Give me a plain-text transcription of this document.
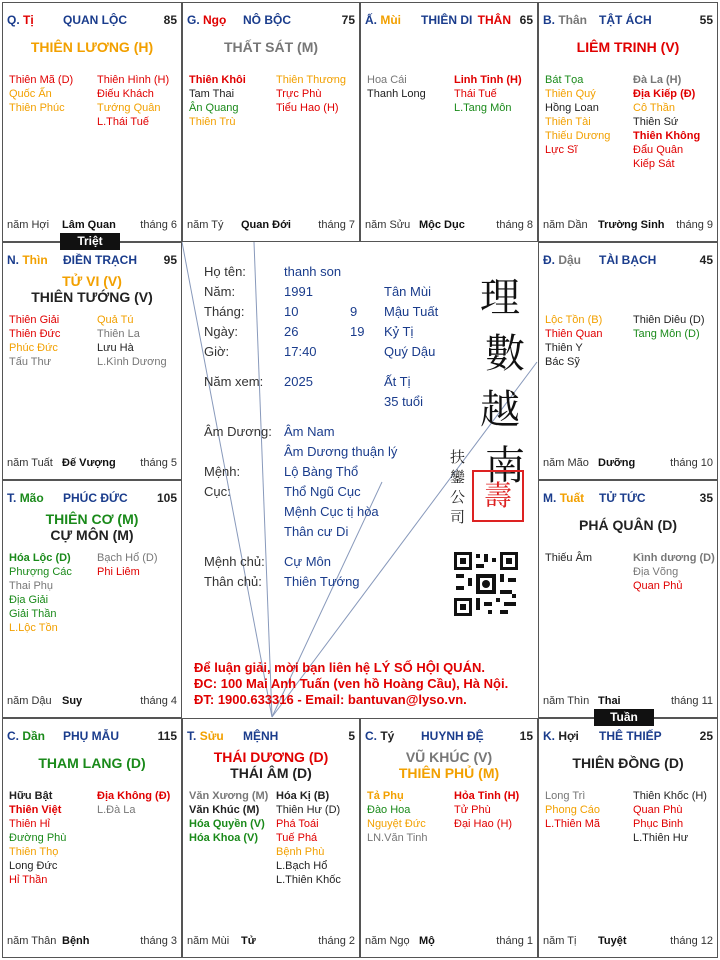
Q. Tị QUAN LỘC	85
THIÊN LƯƠNG (H)
Thiên Mã (D)
Quốc Ấn
Thiên Phúc
Thiên Hình (H)
Điếu Khách
Tướng Quân
L.Thái Tuế
năm Hợi Lâm Quan tháng 6
G. Ngọ NÔ BỘC	75
THẤT SÁT (M)
Thiên Khôi
Tam Thai
Ân Quang
Thiên Trù
Thiên Thương
Trực Phù
Tiểu Hao (H)
năm Tý Quan Đới tháng 7
Ấ. Mùi THIÊN DI THÂN 65
Hoa Cái
Thanh Long
Linh Tinh (H)
Thái Tuế
L.Tang Môn
năm Sửu Mộc Dục	tháng 8
B. Thân TẬT ÁCH	55
LIÊM TRINH (V)
Bát Tọa
Thiên Quý
Hồng Loan
Thiên Tài
Thiếu Dương
Lực Sĩ
Đà La (H)
Địa Kiếp (Đ)
Cô Thần
Thiên Sứ
Thiên Không
Đẩu Quân
Kiếp Sát
năm Dần Trường Sinh tháng 9
N. Thìn ĐIỀN TRẠCH 95
TỬ VI (V)
THIÊN TƯỚNG (V)
Thiên Giải
Thiên Đức
Phúc Đức
Tấu Thư
Quả Tú
Thiên La
Lưu Hà
L.Kình Dương
năm Tuất Đế Vượng tháng 5
Đ. Dậu TÀI BẠCH	45
Lộc Tồn (B)
Thiên Quan
Thiên Y
Bác Sỹ
Thiên Diêu (D)
Tang Môn (D)
năm Mão Dưỡng	tháng 10
T. Mão PHÚC ĐỨC 105
THIÊN CƠ (M)
CỰ MÔN (M)
Hóa Lộc (D)
Phượng Các
Thai Phụ
Địa Giải
Giải Thần
L.Lộc Tồn
Bạch Hổ (D)
Phi Liêm
năm Dậu Suy	tháng 4
M. Tuất TỬ TỨC	35
PHÁ QUÂN (D)
Thiếu Âm	Kình dương (D)
Địa Võng
Quan Phủ
năm Thìn Thai	tháng 11
C. Dần PHỤ MẪU	115
THAM LANG (D)
Hữu Bật
Thiên Việt
Thiên Hỉ
Đường Phù
Thiên Thọ
Long Đức
Hỉ Thần
Địa Không (Đ)
L.Đà La
năm Thân Bệnh	tháng 3
T. Sửu MỆNH	5
THÁI DƯƠNG (D)
THÁI ÂM (D)
Văn Xương (M)
Văn Khúc (M)
Hóa Quyền (V)
Hóa Khoa (V)
Hóa Kị (B)
Thiên Hư (D)
Phá Toái
Tuế Phá
Bệnh Phù
L.Bạch Hổ
L.Thiên Khốc
năm Mùi Tử	tháng 2
C. Tý HUYNH ĐỆ	15
VŨ KHÚC (V)
THIÊN PHỦ (M)
Tả Phụ
Đào Hoa
Nguyệt Đức
LN.Văn Tinh
Hỏa Tinh (H)
Tử Phù
Đại Hao (H)
năm Ngọ Mộ	tháng 1
K. Hợi THÊ THIẾP	25
THIÊN ĐỒNG (D)
Long Trì
Phong Cáo
L.Thiên Mã
Thiên Khốc (H)
Quan Phù
Phục Binh
L.Thiên Hư
năm Tị Tuyệt	tháng 12
Họ tên:	thanh son
Năm:	1991	Tân Mùi
Tháng:	10	9 Mậu Tuất
Ngày:	26	19 Kỷ Tị
Giờ:	17:40	Quý Dậu
Năm xem: 2025	Ất Tị
35 tuổi
Âm Dương: Âm Nam
Âm Dương thuận lý
Mệnh:	Lộ Bàng Thổ
Cục:	Thổ Ngũ Cục
Mệnh Cục tị hòa
Thân cư Di
Mệnh chủ: Cự Môn
Thân chủ: Thiên Tướng
理
數
越
南
扶
鑾
公
司
壽
Để luận giải, mời bạn liên hệ LÝ SỐ HỘI QUÁN.
ĐC: 100 Mai Anh Tuấn (ven hồ Hoàng Cầu), Hà Nội.
ĐT: 1900.633316 - Email: bantuvan@lyso.vn.
Triệt
Tuần
